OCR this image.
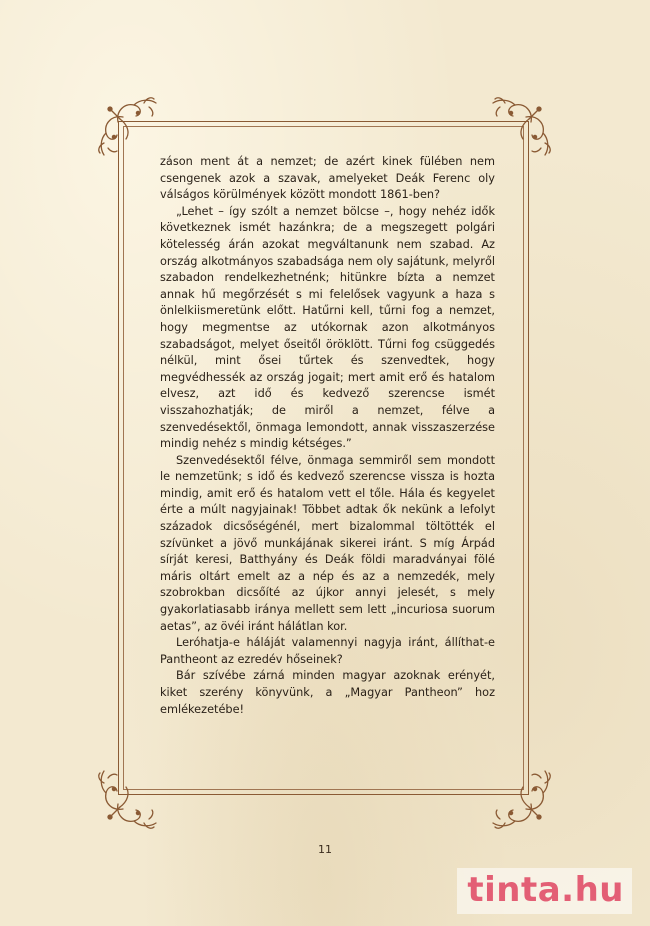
záson ment át a nemzet; de azért kinek fülében nem csengenek azok a szavak, amelyeket Deák Ferenc oly válságos körülmények között mondott 1861-ben?

„Lehet – így szólt a nemzet bölcse –, hogy nehéz idők következnek ismét hazánkra; de a megszegett polgári kötelesség árán azokat megváltanunk nem szabad. Az ország alkotmányos szabadsága nem oly sajátunk, melyről szabadon rendelkezhetnénk; hitünkre bízta a nemzet annak hű megőrzését s mi felelősek vagyunk a haza s önlelkiismeretünk előtt. Hatűrni kell, tűrni fog a nemzet, hogy megmentse az utókornak azon alkotmányos szabadságot, melyet őseitől öröklött. Tűrni fog csüggedés nélkül, mint ősei tűrtek és szenvedtek, hogy megvédhessék az ország jogait; mert amit erő és hatalom elvesz, azt idő és kedvező szerencse ismét visszahozhatják; de miről a nemzet, félve a szenvedésektől, önmaga lemondott, annak visszaszerzése mindig nehéz s mindig kétséges.”

Szenvedésektől félve, önmaga semmiről sem mondott le nemzetünk; s idő és kedvező szerencse vissza is hozta mindig, amit erő és hatalom vett el tőle. Hála és kegyelet érte a múlt nagyjainak! Többet adtak ők nekünk a lefolyt századok dicsőségénél, mert bizalommal töltötték el szívünket a jövő munkájának sikerei iránt. S míg Árpád sírját keresi, Batthyány és Deák földi maradványai fölé máris oltárt emelt az a nép és az a nemzedék, mely szobrokban dicsőíté az újkor annyi jelesét, s mely gyakorlatiasabb iránya mellett sem lett „incuriosa suorum aetas”, az övéi iránt hálátlan kor.

Leróhatja-e háláját valamennyi nagyja iránt, állíthat-e Pantheont az ezredév hőseinek?

Bár szívébe zárná minden magyar azoknak erényét, kiket szerény könyvünk, a „Magyar Pantheon” hoz emlékezetébe!

11
tinta.hu
